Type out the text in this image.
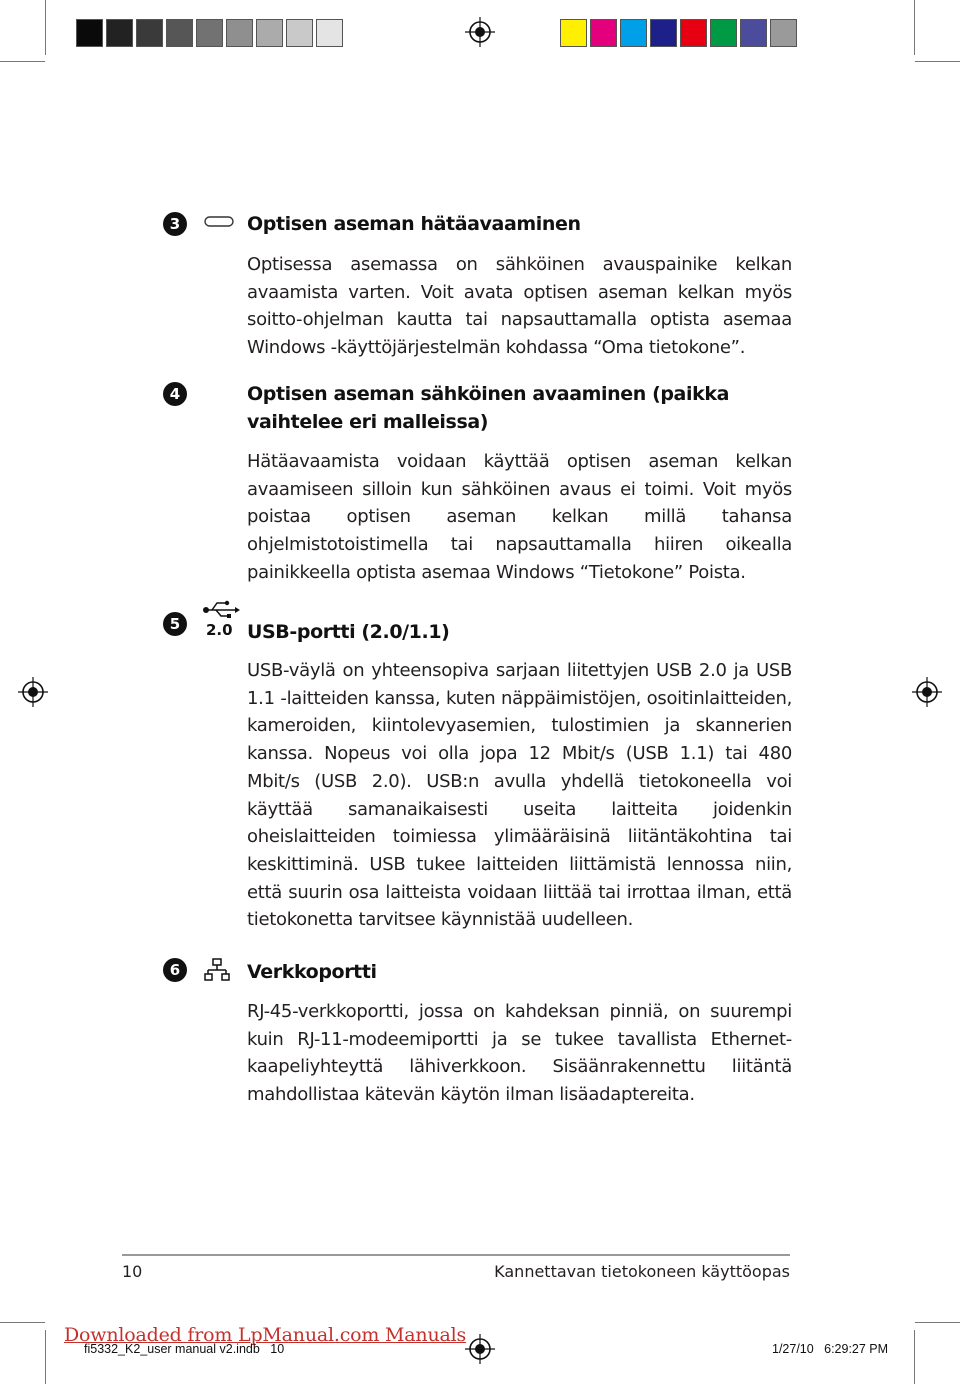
3	Optisen aseman hätäavaaminen

Optisessa asemassa on sähköinen avauspainike kelkan avaamista varten. Voit avata optisen aseman kelkan myös soitto-ohjelman kautta tai napsauttamalla optista asemaa Windows -käyttöjärjestelmän kohdassa “Oma tietokone”.

4	Optisen aseman sähköinen avaaminen (paikka vaihtelee eri malleissa)

Hätäavaamista voidaan käyttää optisen aseman kelkan avaamiseen silloin kun sähköinen avaus ei toimi. Voit myös poistaa optisen aseman kelkan millä tahansa ohjelmistotoistimella tai napsauttamalla hiiren oikealla painikkeella optista asemaa Windows “Tietokone” Poista.

5	2.0 USB-portti (2.0/1.1)

USB-väylä on yhteensopiva sarjaan liitettyjen USB 2.0 ja USB 1.1 -laitteiden kanssa, kuten näppäimistöjen, osoitinlaitteiden, kameroiden, kiintolevyasemien, tulostimien ja skannerien kanssa. Nopeus voi olla jopa 12 Mbit/s (USB 1.1) tai 480 Mbit/s (USB 2.0). USB:n avulla yhdellä tietokoneella voi käyttää samanaikaisesti useita laitteita joidenkin oheislaitteiden toimiessa ylimääräisinä liitäntäkohtina tai keskittiminä. USB tukee laitteiden liittämistä lennossa niin, että suurin osa laitteista voidaan liittää tai irrottaa ilman, että tietokonetta tarvitsee käynnistää uudelleen.

6	Verkkoportti

RJ-45-verkkoportti, jossa on kahdeksan pinniä, on suurempi kuin RJ-11-modeemiportti ja se tukee tavallista Ethernet-kaapeliyhteyttä lähiverkkoon. Sisäänrakennettu liitäntä mahdollistaa kätevän käytön ilman lisäadaptereita.

10	Kannettavan tietokoneen käyttöopas
Downloaded from LpManual.com Manuals
fi5332_K2_user manual v2.indb   10	1/27/10   6:29:27 PM
